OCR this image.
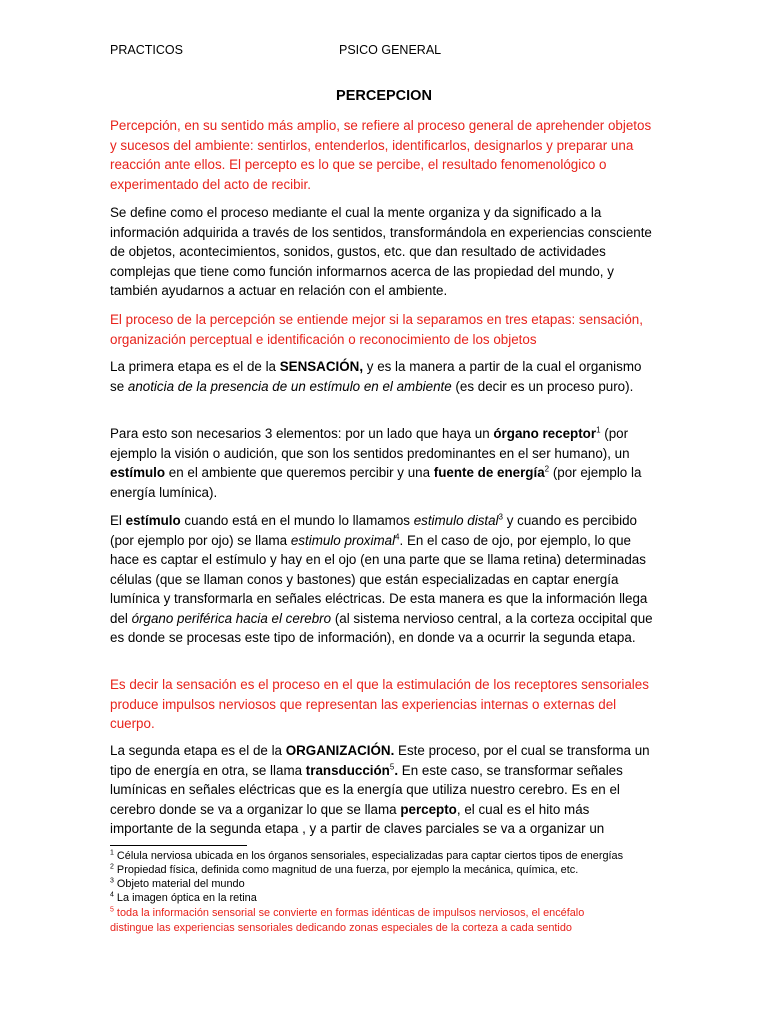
PRACTICOS	PSICO GENERAL
PERCEPCION
Percepción, en su sentido más amplio, se refiere al proceso general de aprehender objetos y sucesos del ambiente: sentirlos, entenderlos, identificarlos, designarlos y preparar una reacción ante ellos. El percepto es lo que se percibe, el resultado fenomenológico o experimentado del acto de recibir.
Se define como el proceso mediante el cual la mente organiza y da significado a la información adquirida a través de los sentidos, transformándola en experiencias consciente de objetos, acontecimientos, sonidos, gustos, etc. que dan resultado de actividades complejas que tiene como función informarnos acerca de las propiedad del mundo, y también ayudarnos a actuar en relación con el ambiente.
El proceso de la percepción se entiende mejor si la separamos en tres etapas: sensación, organización perceptual e identificación o reconocimiento de los objetos
La primera etapa es el de la SENSACIÓN, y es la manera a partir de la cual el organismo se anoticia de la presencia de un estímulo en el ambiente (es decir es un proceso puro).
Para esto son necesarios 3 elementos: por un lado que haya un órgano receptor$^1$ (por ejemplo la visión o audición, que son los sentidos predominantes en el ser humano), un estímulo en el ambiente que queremos percibir y una fuente de energía$^2$ (por ejemplo la energía lumínica).
El estímulo cuando está en el mundo lo llamamos estimulo distal$^3$ y cuando es percibido (por ejemplo por ojo) se llama estimulo proximal$^4$. En el caso de ojo, por ejemplo, lo que hace es captar el estímulo y hay en el ojo (en una parte que se llama retina) determinadas células (que se llaman conos y bastones) que están especializadas en captar energía lumínica y transformarla en señales eléctricas. De esta manera es que la información llega del órgano periférica hacia el cerebro (al sistema nervioso central, a la corteza occipital que es donde se procesas este tipo de información), en donde va a ocurrir la segunda etapa.
Es decir la sensación es el proceso en el que la estimulación de los receptores sensoriales produce impulsos nerviosos que representan las experiencias internas o externas del cuerpo.
La segunda etapa es el de la ORGANIZACIÓN. Este proceso, por el cual se transforma un tipo de energía en otra, se llama transducción$^5$. En este caso, se transformar señales lumínicas en señales eléctricas que es la energía que utiliza nuestro cerebro. Es en el cerebro donde se va a organizar lo que se llama percepto, el cual es el hito más importante de la segunda etapa , y a partir de claves parciales se va a organizar un
$^1$ Célula nerviosa ubicada en los órganos sensoriales, especializadas para captar ciertos tipos de energías
$^2$ Propiedad física, definida como magnitud de una fuerza, por ejemplo la mecánica, química, etc.
$^3$ Objeto material del mundo
$^4$ La imagen óptica en la retina
$^5$ toda la información sensorial se convierte en formas idénticas de impulsos nerviosos, el encéfalo distingue las experiencias sensoriales dedicando zonas especiales de la corteza a cada sentido
